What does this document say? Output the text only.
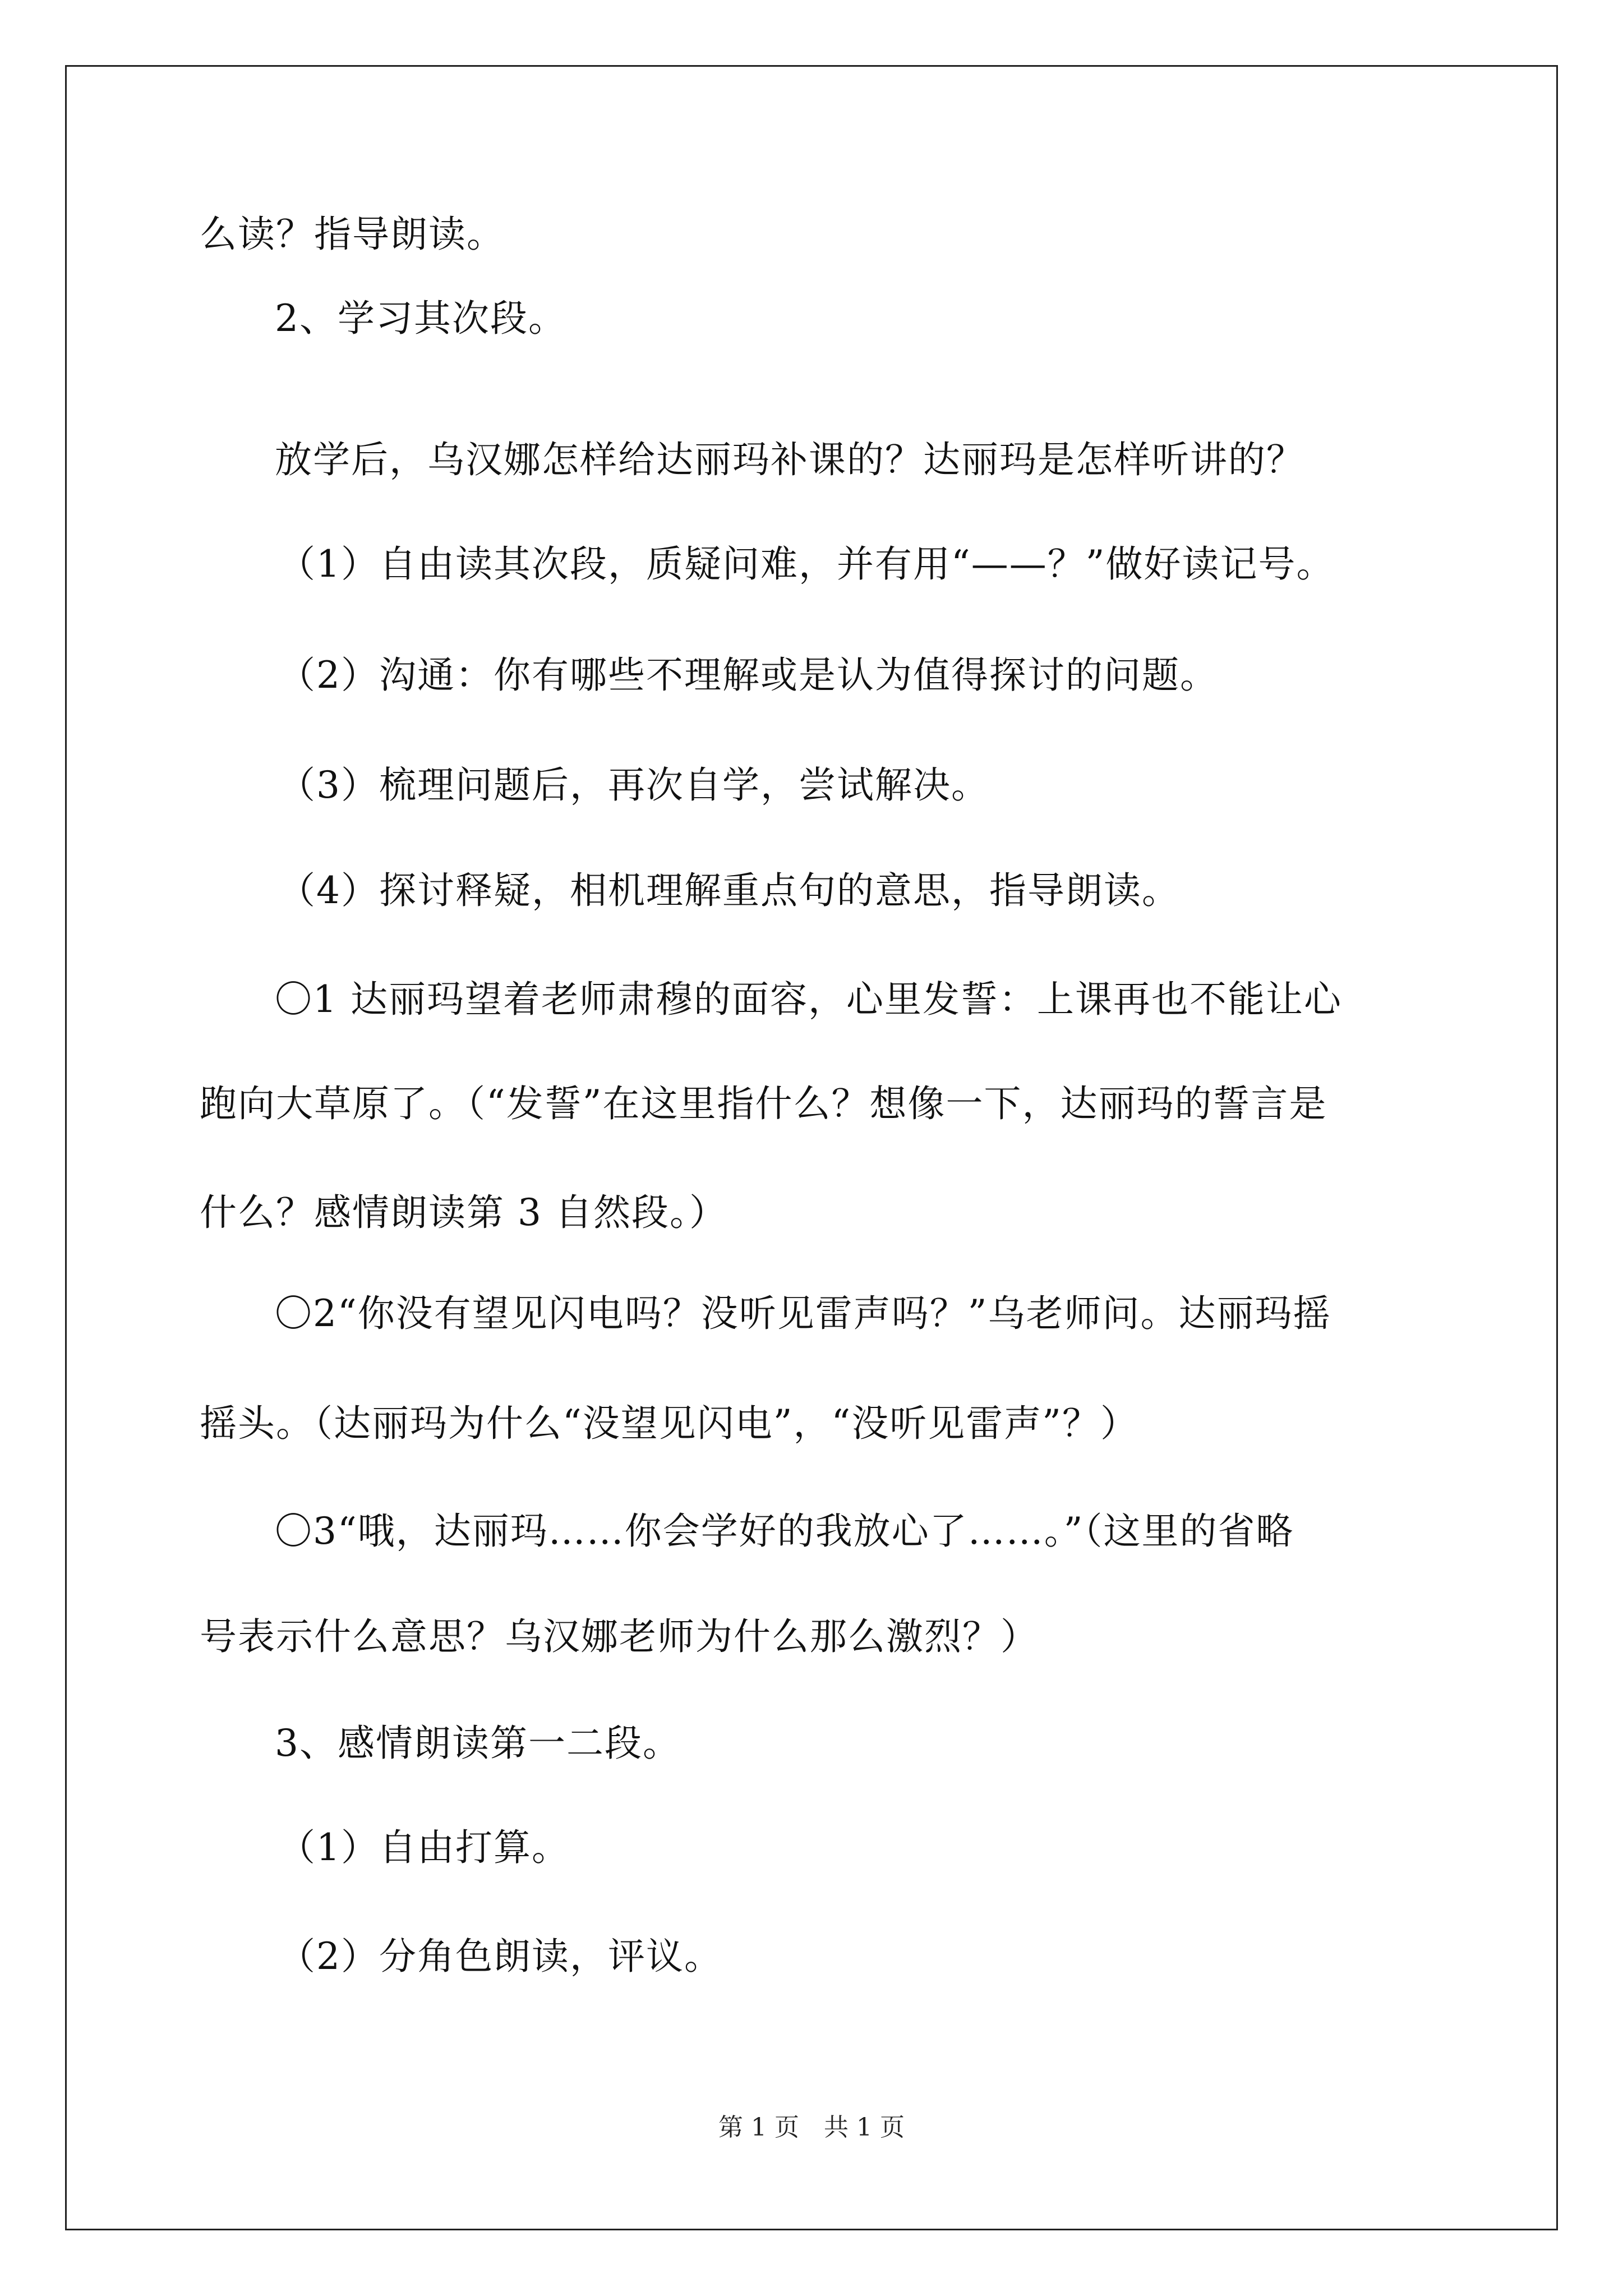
么读？指导朗读。
2、学习其次段。
放学后，乌汉娜怎样给达丽玛补课的？达丽玛是怎样听讲的？
（1）自由读其次段，质疑问难，并有用“——？”做好读记号。
（2）沟通：你有哪些不理解或是认为值得探讨的问题。
（3）梳理问题后，再次自学，尝试解决。
（4）探讨释疑，相机理解重点句的意思，指导朗读。
〇1 达丽玛望着老师肃穆的面容，心里发誓：上课再也不能让心
跑向大草原了。（“发誓”在这里指什么？想像一下，达丽玛的誓言是
什么？感情朗读第 3 自然段。）
〇2“你没有望见闪电吗？没听见雷声吗？”乌老师问。达丽玛摇
摇头。（达丽玛为什么“没望见闪电”，“没听见雷声”？）
〇3“哦，达丽玛……你会学好的我放心了……。”（这里的省略
号表示什么意思？乌汉娜老师为什么那么激烈？）
3、感情朗读第一二段。
（1）自由打算。
（2）分角色朗读，评议。
第 1 页　共 1 页
